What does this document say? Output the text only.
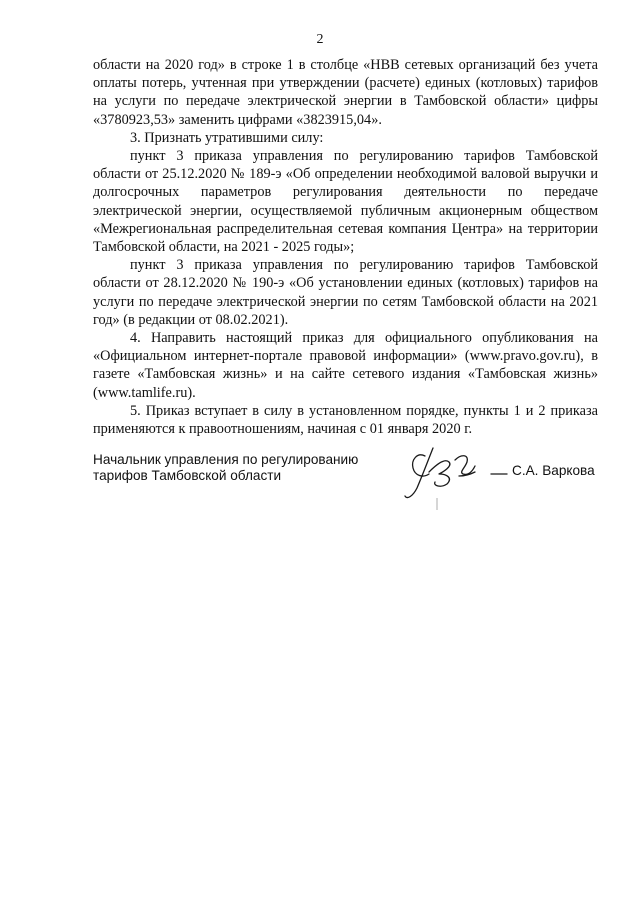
2

области на 2020 год» в строке 1 в столбце «НВВ сетевых организаций без учета оплаты потерь, учтенная при утверждении (расчете) единых (котловых) тарифов на услуги по передаче электрической энергии в Тамбовской области» цифры «3780923,53» заменить цифрами «3823915,04».

3. Признать утратившими силу:

пункт 3 приказа управления по регулированию тарифов Тамбовской области от 25.12.2020 № 189-э «Об определении необходимой валовой выручки и долгосрочных параметров регулирования деятельности по передаче электрической энергии, осуществляемой публичным акционерным обществом «Межрегиональная распределительная сетевая компания Центра» на территории Тамбовской области, на 2021 - 2025 годы»;

пункт 3 приказа управления по регулированию тарифов Тамбовской области от 28.12.2020 № 190-э «Об установлении единых (котловых) тарифов на услуги по передаче электрической энергии по сетям Тамбовской области на 2021 год» (в редакции от 08.02.2021).

4. Направить настоящий приказ для официального опубликования на «Официальном интернет-портале правовой информации» (www.pravo.gov.ru), в газете «Тамбовская жизнь» и на сайте сетевого издания «Тамбовская жизнь» (www.tamlife.ru).

5. Приказ вступает в силу в установленном порядке, пункты 1 и 2 приказа применяются к правоотношениям, начиная с 01 января 2020 г.

Начальник управления по регулированию
тарифов Тамбовской области	С.А. Варкова
